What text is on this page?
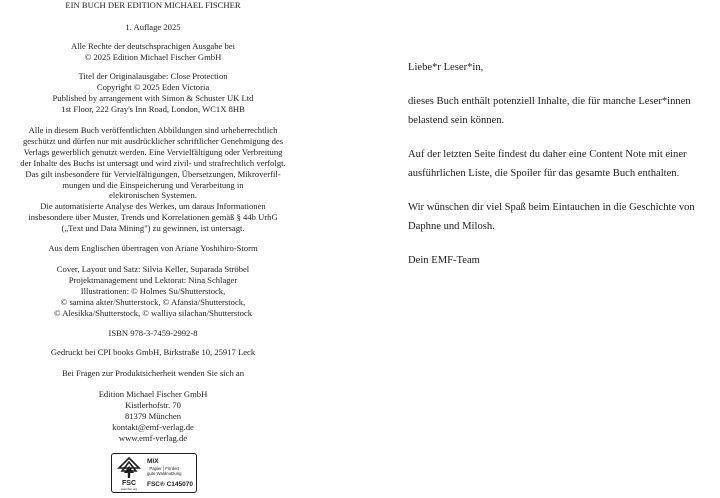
EIN BUCH DER EDITION MICHAEL FISCHER
1. Auflage 2025
Alle Rechte der deutschsprachigen Ausgabe bei
© 2025 Edition Michael Fischer GmbH
Titel der Originalausgabe: Close Protection
Copyright © 2025 Eden Victoria
Published by arrangement with Simon & Schuster UK Ltd
1st Floor, 222 Gray's Inn Road, London, WC1X 8HB
Alle in diesem Buch veröffentlichten Abbildungen sind urheberrechtlich
geschützt und dürfen nur mit ausdrücklicher schriftlicher Genehmigung des
Verlags gewerblich genutzt werden. Eine Vervielfältigung oder Verbreitung
der Inhalte des Buchs ist untersagt und wird zivil- und strafrechtlich verfolgt.
Das gilt insbesondere für Vervielfältigungen, Übersetzungen, Mikroverfil-
mungen und die Einspeicherung und Verarbeitung in
elektronischen Systemen.
Die automatisierte Analyse des Werkes, um daraus Informationen
insbesondere über Muster, Trends und Korrelationen gemäß § 44b UrhG
(„Text und Data Mining") zu gewinnen, ist untersagt.
Aus dem Englischen übertragen von Ariane Yoshihiro-Storm
Cover, Layout und Satz: Silvia Keller, Suparada Ströbel
Projektmanagement und Lektorat: Nina Schlager
Illustrationen: © Holmes Su/Shutterstock,
© samina akter/Shutterstock, © Afansia/Shutterstock,
© Alesikka/Shutterstock, © walliya silachan/Shutterstock
ISBN 978-3-7459-2992-8
Gedruckt bei CPI books GmbH, Birkstraße 10, 25917 Leck
Bei Fragen zur Produktsicherheit wenden Sie sich an
Edition Michael Fischer GmbH
Kistlerhofstr. 70
81379 München
kontakt@emf-verlag.de
www.emf-verlag.de
FSC
www.fsc.org
MIX
Papier | Fördert
gute Waldnutzung
FSC® C145070

Liebe*r Leser*in,

dieses Buch enthält potenziell Inhalte, die für manche Leser*innen
belastend sein können.

Auf der letzten Seite findest du daher eine Content Note mit einer
ausführlichen Liste, die Spoiler für das gesamte Buch enthalten.

Wir wünschen dir viel Spaß beim Eintauchen in die Geschichte von
Daphne und Milosh.

Dein EMF-Team
